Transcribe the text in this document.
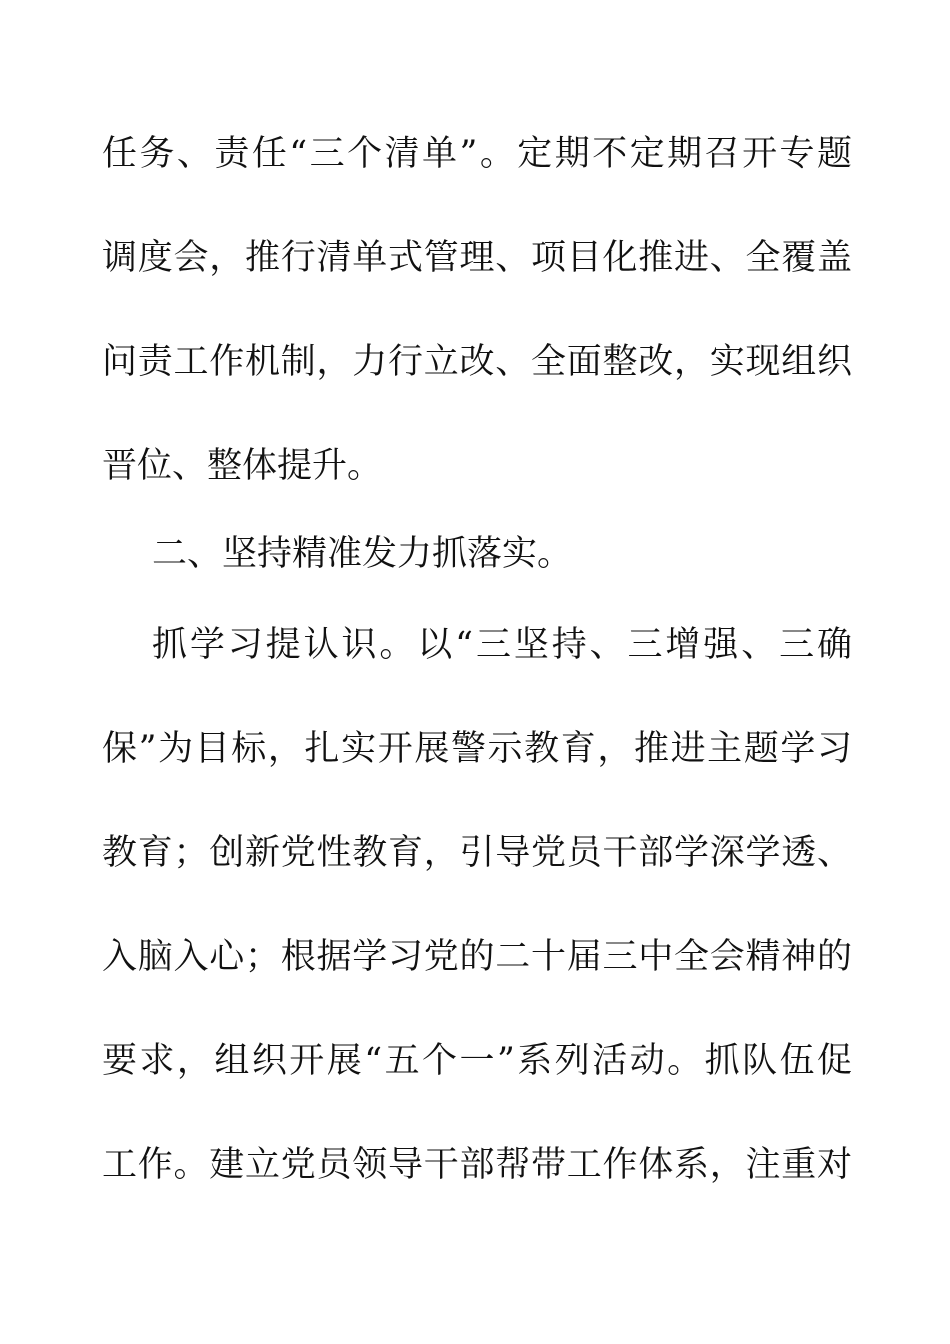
任务、责任“三个清单”。定期不定期召开专题
调度会，推行清单式管理、项目化推进、全覆盖
问责工作机制，力行立改、全面整改，实现组织
晋位、整体提升。
二、坚持精准发力抓落实。
抓学习提认识。以“三坚持、三增强、三确
保”为目标，扎实开展警示教育，推进主题学习
教育；创新党性教育，引导党员干部学深学透、
入脑入心；根据学习党的二十届三中全会精神的
要求，组织开展“五个一”系列活动。抓队伍促
工作。建立党员领导干部帮带工作体系，注重对
